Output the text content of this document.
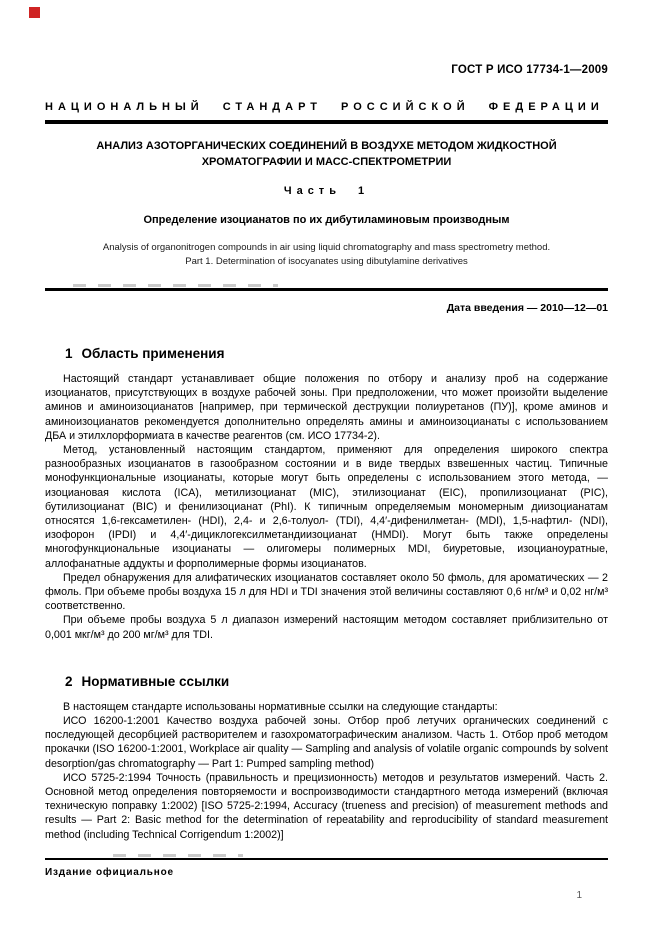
ГОСТ Р ИСО 17734-1—2009
НАЦИОНАЛЬНЫЙ СТАНДАРТ РОССИЙСКОЙ ФЕДЕРАЦИИ
АНАЛИЗ АЗОТОРГАНИЧЕСКИХ СОЕДИНЕНИЙ В ВОЗДУХЕ МЕТОДОМ ЖИДКОСТНОЙ
ХРОМАТОГРАФИИ И МАСС-СПЕКТРОМЕТРИИ
Часть 1
Определение изоцианатов по их дибутиламиновым производным
Analysis of organonitrogen compounds in air using liquid chromatography and mass spectrometry method.
Part 1. Determination of isocyanates using dibutylamine derivatives
Дата введения — 2010—12—01
1 Область применения

Настоящий стандарт устанавливает общие положения по отбору и анализу проб на содержание изоцианатов, присутствующих в воздухе рабочей зоны. При предположении, что может произойти выделение аминов и аминоизоцианатов [например, при термической деструкции полиуретанов (ПУ)], кроме аминов и аминоизоцианатов рекомендуется дополнительно определять амины и аминоизоцианаты с использованием ДБА и этилхлорформиата в качестве реагентов (см. ИСО 17734-2).

Метод, установленный настоящим стандартом, применяют для определения широкого спектра разнообразных изоцианатов в газообразном состоянии и в виде твердых взвешенных частиц. Типичные монофункциональные изоцианаты, которые могут быть определены с использованием этого метода, — изоциановая кислота (ICA), метилизоцианат (MIC), этилизоцианат (EIC), пропилизоцианат (PIC), бутилизоцианат (BIC) и фенилизоцианат (PhI). К типичным определяемым мономерным диизоцианатам относятся 1,6-гексаметилен- (HDI), 2,4- и 2,6-толуол- (TDI), 4,4′-дифенилметан- (MDI), 1,5-нафтил- (NDI), изофорон (IPDI) и 4,4′-дициклогексилметандиизоцианат (HMDI). Могут быть также определены многофункциональные изоцианаты — олигомеры полимерных MDI, биуретовые, изоцианоуратные, аллофанатные аддукты и форполимерные формы изоцианатов.

Предел обнаружения для алифатических изоцианатов составляет около 50 фмоль, для ароматических — 2 фмоль. При объеме пробы воздуха 15 л для HDI и TDI значения этой величины составляют 0,6 нг/м³ и 0,02 нг/м³ соответственно.

При объеме пробы воздуха 5 л диапазон измерений настоящим методом составляет приблизительно от 0,001 мкг/м³ до 200 мг/м³ для TDI.

2 Нормативные ссылки

В настоящем стандарте использованы нормативные ссылки на следующие стандарты:

ИСО 16200-1:2001 Качество воздуха рабочей зоны. Отбор проб летучих органических соединений с последующей десорбцией растворителем и газохроматографическим анализом. Часть 1. Отбор проб методом прокачки (ISO 16200-1:2001, Workplace air quality — Sampling and analysis of volatile organic compounds by solvent desorption/gas chromatography — Part 1: Pumped sampling method)

ИСО 5725-2:1994 Точность (правильность и прецизионность) методов и результатов измерений. Часть 2. Основной метод определения повторяемости и воспроизводимости стандартного метода измерений (включая техническую поправку 1:2002) [ISO 5725-2:1994, Accuracy (trueness and precision) of measurement methods and results — Part 2: Basic method for the determination of repeatability and reproducibility of standard measurement method (including Technical Corrigendum 1:2002)]

Издание официальное
1
